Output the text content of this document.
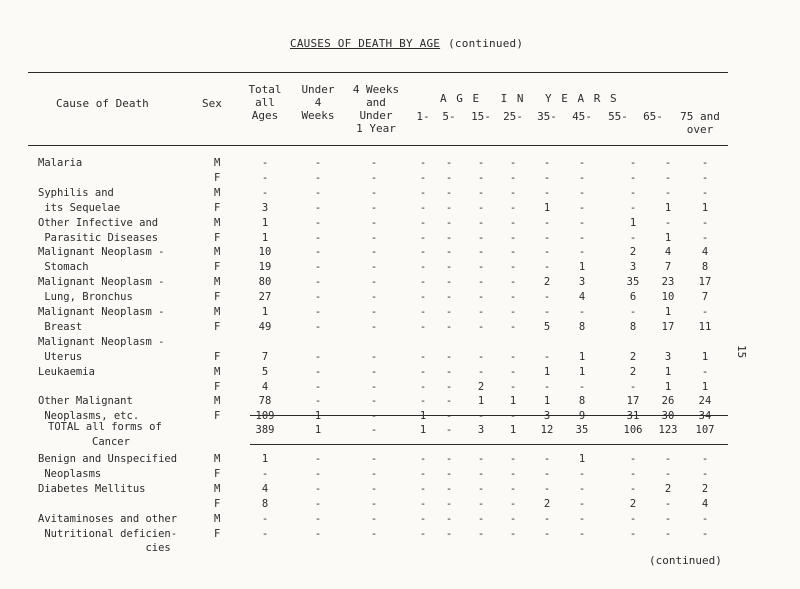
CAUSES OF DEATH BY AGE (continued)
Cause of Death	Sex
Total
all
Ages
Under
4
Weeks
4 Weeks
and
Under
1 Year
A G E I N Y E A R S
1-	5-	15-	25-	35-	45-	55-	65-	75 and over
Malaria	M	-	-	-	-	-	-	-	-	-	-	-	-
F	-	-	-	-	-	-	-	-	-	-	-	-
Syphilis and	M	-	-	-	-	-	-	-	-	-	-	-	-
its Sequelae	F	3	-	-	-	-	-	-	1	-	-	1	1
Other Infective and	M	1	-	-	-	-	-	-	-	-	1	-	-
Parasitic Diseases	F	1	-	-	-	-	-	-	-	-	-	1	-
Malignant Neoplasm -	M	10	-	-	-	-	-	-	-	-	2	4	4
Stomach	F	19	-	-	-	-	-	-	-	1	3	7	8
Malignant Neoplasm -	M	80	-	-	-	-	-	-	2	3	35	23	17
Lung, Bronchus	F	27	-	-	-	-	-	-	-	4	6	10	7
Malignant Neoplasm -	M	1	-	-	-	-	-	-	-	-	-	1	-
Breast	F	49	-	-	-	-	-	-	5	8	8	17	11
Malignant Neoplasm -
Uterus	F	7	-	-	-	-	-	-	-	1	2	3	1
Leukaemia	M	5	-	-	-	-	-	-	1	1	2	1	-
F	4	-	-	-	-	2	-	-	-	-	1	1
Other Malignant	M	78	-	-	-	-	1	1	1	8	17	26	24
Neoplasms, etc.	F	109	1	-	1	-	-	-	3	9	31	30	34
TOTAL all forms of
Cancer
389	1	-	1	-	3	1	12	35	106	123	107
Benign and Unspecified	M	1	-	-	-	-	-	-	-	1	-	-	-
Neoplasms	F	-	-	-	-	-	-	-	-	-	-	-	-
Diabetes Mellitus	M	4	-	-	-	-	-	-	-	-	-	2	2
F	8	-	-	-	-	-	-	2	-	2	-	4
Avitaminoses and other	M	-	-	-	-	-	-	-	-	-	-	-	-
Nutritional deficien-	F	-	-	-	-	-	-	-	-	-	-	-	-
cies
15
(continued)
